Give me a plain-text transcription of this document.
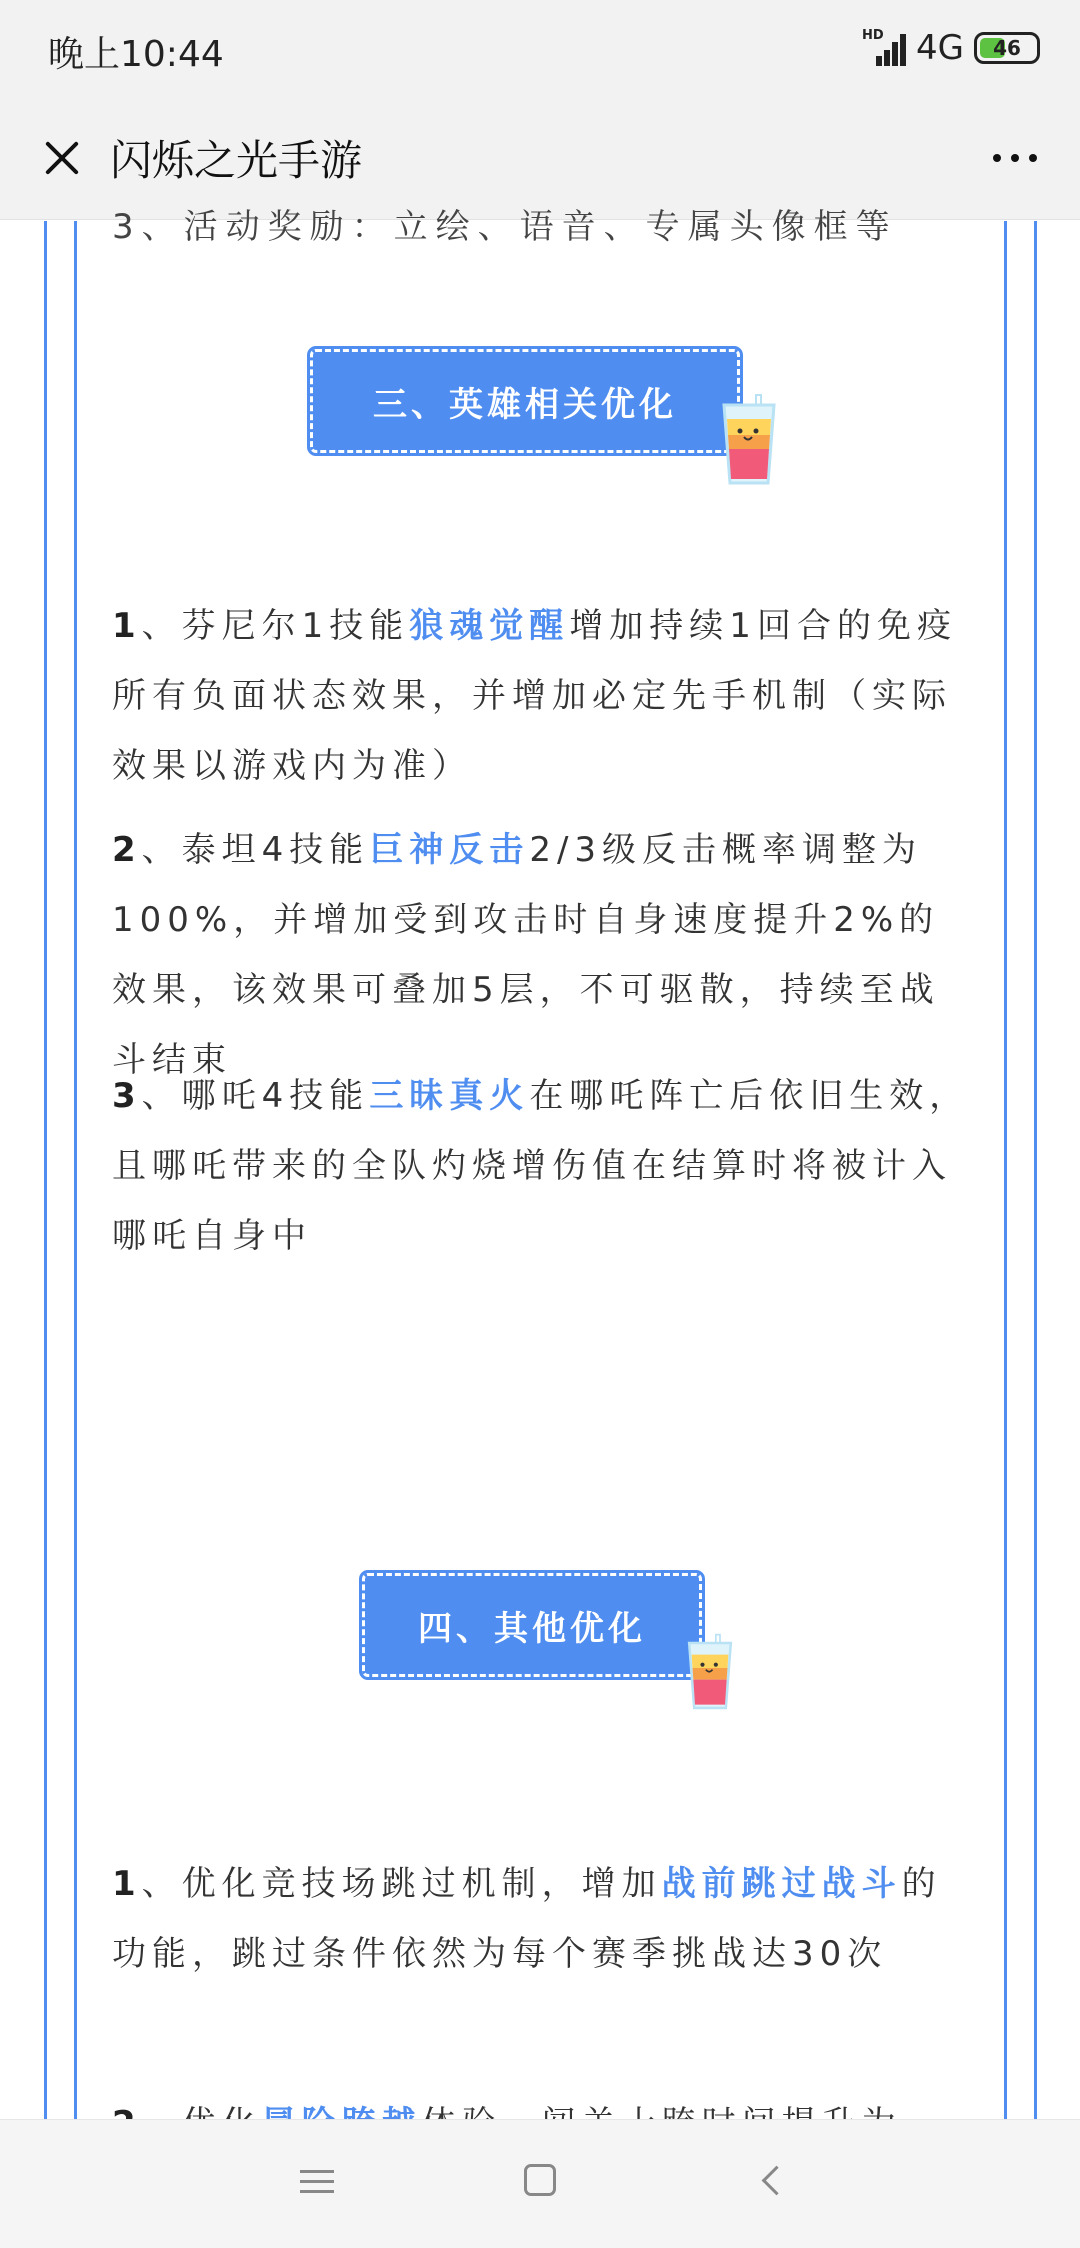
晚上10:44	HD 4G 46
闪烁之光手游
3、活动奖励：立绘、语音、专属头像框等
三、英雄相关优化
1、芬尼尔1技能狼魂觉醒增加持续1回合的免疫所有负面状态效果，并增加必定先手机制（实际效果以游戏内为准）
2、泰坦4技能巨神反击2/3级反击概率调整为100%，并增加受到攻击时自身速度提升2%的效果，该效果可叠加5层，不可驱散，持续至战斗结束
3、哪吒4技能三昧真火在哪吒阵亡后依旧生效，且哪吒带来的全队灼烧增伤值在结算时将被计入哪吒自身中
四、其他优化
1、优化竞技场跳过机制，增加战前跳过战斗的功能，跳过条件依然为每个赛季挑战达30次
